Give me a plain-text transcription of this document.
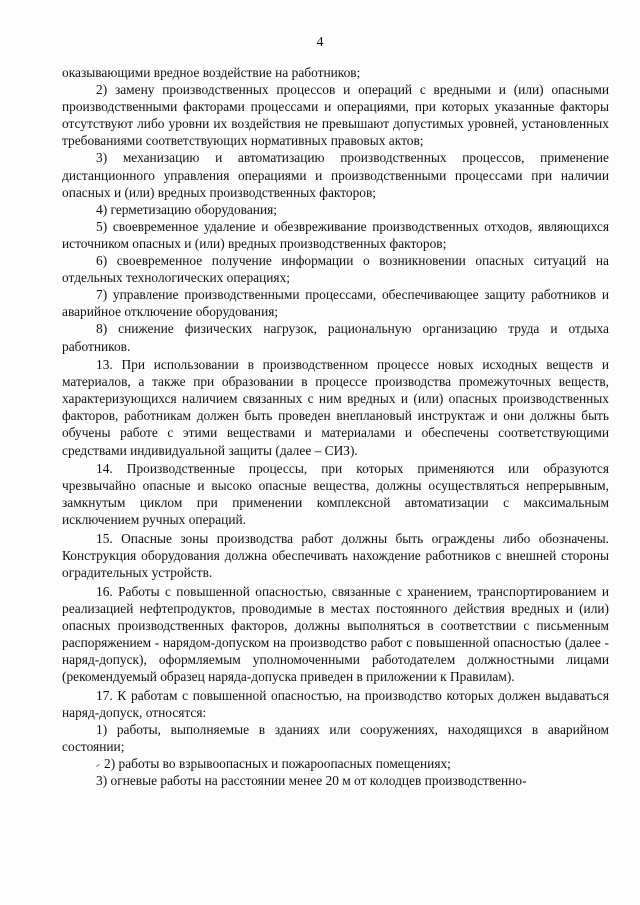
4

оказывающими вредное воздействие на работников;

2) замену производственных процессов и операций с вредными и (или) опасными производственными факторами процессами и операциями, при которых указанные факторы отсутствуют либо уровни их воздействия не превышают допустимых уровней, установленных требованиями соответствующих нормативных правовых актов;

3) механизацию и автоматизацию производственных процессов, применение дистанционного управления операциями и производственными процессами при наличии опасных и (или) вредных производственных факторов;

4) герметизацию оборудования;

5) своевременное удаление и обезвреживание производственных отходов, являющихся источником опасных и (или) вредных производственных факторов;

6) своевременное получение информации о возникновении опасных ситуаций на отдельных технологических операциях;

7) управление производственными процессами, обеспечивающее защиту работников и аварийное отключение оборудования;

8) снижение физических нагрузок, рациональную организацию труда и отдыха работников.

13. При использовании в производственном процессе новых исходных веществ и материалов, а также при образовании в процессе производства промежуточных веществ, характеризующихся наличием связанных с ним вредных и (или) опасных производственных факторов, работникам должен быть проведен внеплановый инструктаж и они должны быть обучены работе с этими веществами и материалами и обеспечены соответствующими средствами индивидуальной защиты (далее – СИЗ).

14. Производственные процессы, при которых применяются или образуются чрезвычайно опасные и высоко опасные вещества, должны осуществляться непрерывным, замкнутым циклом при применении комплексной автоматизации с максимальным исключением ручных операций.

15. Опасные зоны производства работ должны быть ограждены либо обозначены. Конструкция оборудования должна обеспечивать нахождение работников с внешней стороны оградительных устройств.

16. Работы с повышенной опасностью, связанные с хранением, транспортированием и реализацией нефтепродуктов, проводимые в местах постоянного действия вредных и (или) опасных производственных факторов, должны выполняться в соответствии с письменным распоряжением - нарядом-допуском на производство работ с повышенной опасностью (далее - наряд-допуск), оформляемым уполномоченными работодателем должностными лицами (рекомендуемый образец наряда-допуска приведен в приложении к Правилам).

17. К работам с повышенной опасностью, на производство которых должен выдаваться наряд-допуск, относятся:

1) работы, выполняемые в зданиях или сооружениях, находящихся в аварийном состоянии;

2) работы во взрывоопасных и пожароопасных помещениях;

3) огневые работы на расстоянии менее 20 м от колодцев производственно-
